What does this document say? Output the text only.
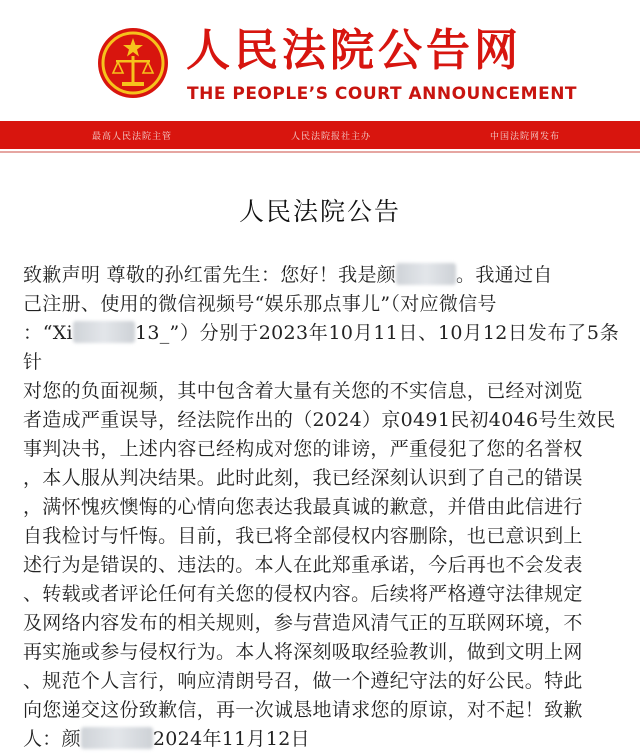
人民法院公告网
THE PEOPLE’S COURT ANNOUNCEMENT
最高人民法院主管	人民法院报社主办	中国法院网发布
人民法院公告

致歉声明 尊敬的孙红雷先生：您好！我是颜	。我通过自
己注册、使用的微信视频号“娱乐那点事儿”（对应微信号
：“Xi	13_”）分别于2023年10月11日、10月12日发布了5条针
对您的负面视频，其中包含着大量有关您的不实信息，已经对浏览
者造成严重误导，经法院作出的（2024）京0491民初4046号生效民
事判决书，上述内容已经构成对您的诽谤，严重侵犯了您的名誉权
，本人服从判决结果。此时此刻，我已经深刻认识到了自己的错误
，满怀愧疚懊悔的心情向您表达我最真诚的歉意，并借由此信进行
自我检讨与忏悔。目前，我已将全部侵权内容删除，也已意识到上
述行为是错误的、违法的。本人在此郑重承诺，今后再也不会发表
、转载或者评论任何有关您的侵权内容。后续将严格遵守法律规定
及网络内容发布的相关规则，参与营造风清气正的互联网环境，不
再实施或参与侵权行为。本人将深刻吸取经验教训，做到文明上网
、规范个人言行，响应清朗号召，做一个遵纪守法的好公民。特此
向您递交这份致歉信，再一次诚恳地请求您的原谅，对不起！致歉
人：颜	2024年11月12日
